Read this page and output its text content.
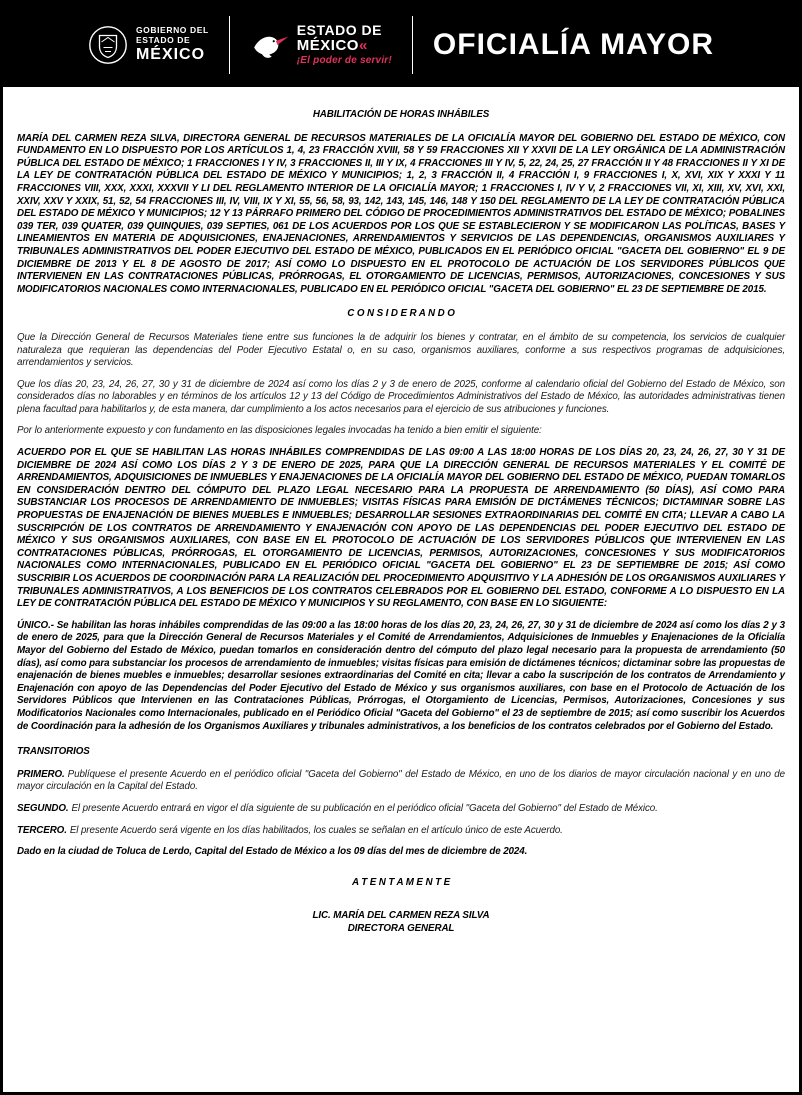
GOBIERNO DEL
ESTADO DE
MÉXICO
ESTADO DE
MÉXICO«
¡El poder de servir! OFICIALÍA MAYOR
HABILITACIÓN DE HORAS INHÁBILES

MARÍA DEL CARMEN REZA SILVA, DIRECTORA GENERAL DE RECURSOS MATERIALES DE LA OFICIALÍA MAYOR DEL GOBIERNO DEL ESTADO DE MÉXICO, CON FUNDAMENTO EN LO DISPUESTO POR LOS ARTÍCULOS 1, 4, 23 FRACCIÓN XVIII, 58 Y 59 FRACCIONES XII Y XXVII DE LA LEY ORGÁNICA DE LA ADMINISTRACIÓN PÚBLICA DEL ESTADO DE MÉXICO; 1 FRACCIONES I Y IV, 3 FRACCIONES II, III Y IX, 4 FRACCIONES III Y IV, 5, 22, 24, 25, 27 FRACCIÓN II Y 48 FRACCIONES II Y XI DE LA LEY DE CONTRATACIÓN PÚBLICA DEL ESTADO DE MÉXICO Y MUNICIPIOS; 1, 2, 3 FRACCIÓN II, 4 FRACCIÓN I, 9 FRACCIONES I, X, XVI, XIX Y XXXI Y 11 FRACCIONES VIII, XXX, XXXI, XXXVII Y LI DEL REGLAMENTO INTERIOR DE LA OFICIALÍA MAYOR; 1 FRACCIONES I, IV Y V, 2 FRACCIONES VII, XI, XIII, XV, XVI, XXI, XXIV, XXV Y XXIX, 51, 52, 54 FRACCIONES III, IV, VIII, IX Y XI, 55, 56, 58, 93, 142, 143, 145, 146, 148 Y 150 DEL REGLAMENTO DE LA LEY DE CONTRATACIÓN PÚBLICA DEL ESTADO DE MÉXICO Y MUNICIPIOS; 12 Y 13 PÁRRAFO PRIMERO DEL CÓDIGO DE PROCEDIMIENTOS ADMINISTRATIVOS DEL ESTADO DE MÉXICO; POBALINES 039 TER, 039 QUATER, 039 QUINQUIES, 039 SEPTIES, 061 DE LOS ACUERDOS POR LOS QUE SE ESTABLECIERON Y SE MODIFICARON LAS POLÍTICAS, BASES Y LINEAMIENTOS EN MATERIA DE ADQUISICIONES, ENAJENACIONES, ARRENDAMIENTOS Y SERVICIOS DE LAS DEPENDENCIAS, ORGANISMOS AUXILIARES Y TRIBUNALES ADMINISTRATIVOS DEL PODER EJECUTIVO DEL ESTADO DE MÉXICO, PUBLICADOS EN EL PERIÓDICO OFICIAL "GACETA DEL GOBIERNO" EL 9 DE DICIEMBRE DE 2013 Y EL 8 DE AGOSTO DE 2017; ASÍ COMO LO DISPUESTO EN EL PROTOCOLO DE ACTUACIÓN DE LOS SERVIDORES PÚBLICOS QUE INTERVIENEN EN LAS CONTRATACIONES PÚBLICAS, PRÓRROGAS, EL OTORGAMIENTO DE LICENCIAS, PERMISOS, AUTORIZACIONES, CONCESIONES Y SUS MODIFICATORIOS NACIONALES COMO INTERNACIONALES, PUBLICADO EN EL PERIÓDICO OFICIAL "GACETA DEL GOBIERNO" EL 23 DE SEPTIEMBRE DE 2015.

C O N S I D E R A N D O

Que la Dirección General de Recursos Materiales tiene entre sus funciones la de adquirir los bienes y contratar, en el ámbito de su competencia, los servicios de cualquier naturaleza que requieran las dependencias del Poder Ejecutivo Estatal o, en su caso, organismos auxiliares, conforme a sus respectivos programas de adquisiciones, arrendamientos y servicios.

Que los días 20, 23, 24, 26, 27, 30 y 31 de diciembre de 2024 así como los días 2 y 3 de enero de 2025, conforme al calendario oficial del Gobierno del Estado de México, son considerados días no laborables y en términos de los artículos 12 y 13 del Código de Procedimientos Administrativos del Estado de México, las autoridades administrativas tienen plena facultad para habilitarlos y, de esta manera, dar cumplimiento a los actos necesarios para el ejercicio de sus atribuciones y funciones.

Por lo anteriormente expuesto y con fundamento en las disposiciones legales invocadas ha tenido a bien emitir el siguiente:

ACUERDO POR EL QUE SE HABILITAN LAS HORAS INHÁBILES COMPRENDIDAS DE LAS 09:00 A LAS 18:00 HORAS DE LOS DÍAS 20, 23, 24, 26, 27, 30 Y 31 DE DICIEMBRE DE 2024 ASÍ COMO LOS DÍAS 2 Y 3 DE ENERO DE 2025, PARA QUE LA DIRECCIÓN GENERAL DE RECURSOS MATERIALES Y EL COMITÉ DE ARRENDAMIENTOS, ADQUISICIONES DE INMUEBLES Y ENAJENACIONES DE LA OFICIALÍA MAYOR DEL GOBIERNO DEL ESTADO DE MÉXICO, PUEDAN TOMARLOS EN CONSIDERACIÓN DENTRO DEL CÓMPUTO DEL PLAZO LEGAL NECESARIO PARA LA PROPUESTA DE ARRENDAMIENTO (50 DÍAS), ASÍ COMO PARA SUBSTANCIAR LOS PROCESOS DE ARRENDAMIENTO DE INMUEBLES; VISITAS FÍSICAS PARA EMISIÓN DE DICTÁMENES TÉCNICOS; DICTAMINAR SOBRE LAS PROPUESTAS DE ENAJENACIÓN DE BIENES MUEBLES E INMUEBLES; DESARROLLAR SESIONES EXTRAORDINARIAS DEL COMITÉ EN CITA; LLEVAR A CABO LA SUSCRIPCIÓN DE LOS CONTRATOS DE ARRENDAMIENTO Y ENAJENACIÓN CON APOYO DE LAS DEPENDENCIAS DEL PODER EJECUTIVO DEL ESTADO DE MÉXICO Y SUS ORGANISMOS AUXILIARES, CON BASE EN EL PROTOCOLO DE ACTUACIÓN DE LOS SERVIDORES PÚBLICOS QUE INTERVIENEN EN LAS CONTRATACIONES PÚBLICAS, PRÓRROGAS, EL OTORGAMIENTO DE LICENCIAS, PERMISOS, AUTORIZACIONES, CONCESIONES Y SUS MODIFICATORIOS NACIONALES COMO INTERNACIONALES, PUBLICADO EN EL PERIÓDICO OFICIAL "GACETA DEL GOBIERNO" EL 23 DE SEPTIEMBRE DE 2015; ASÍ COMO SUSCRIBIR LOS ACUERDOS DE COORDINACIÓN PARA LA REALIZACIÓN DEL PROCEDIMIENTO ADQUISITIVO Y LA ADHESIÓN DE LOS ORGANISMOS AUXILIARES Y TRIBUNALES ADMINISTRATIVOS, A LOS BENEFICIOS DE LOS CONTRATOS CELEBRADOS POR EL GOBIERNO DEL ESTADO, CONFORME A LO DISPUESTO EN LA LEY DE CONTRATACIÓN PÚBLICA DEL ESTADO DE MÉXICO Y MUNICIPIOS Y SU REGLAMENTO, CON BASE EN LO SIGUIENTE:

ÚNICO.- Se habilitan las horas inhábiles comprendidas de las 09:00 a las 18:00 horas de los días 20, 23, 24, 26, 27, 30 y 31 de diciembre de 2024 así como los días 2 y 3 de enero de 2025, para que la Dirección General de Recursos Materiales y el Comité de Arrendamientos, Adquisiciones de Inmuebles y Enajenaciones de la Oficialía Mayor del Gobierno del Estado de México, puedan tomarlos en consideración dentro del cómputo del plazo legal necesario para la propuesta de arrendamiento (50 días), así como para substanciar los procesos de arrendamiento de inmuebles; visitas físicas para emisión de dictámenes técnicos; dictaminar sobre las propuestas de enajenación de bienes muebles e inmuebles; desarrollar sesiones extraordinarias del Comité en cita; llevar a cabo la suscripción de los contratos de Arrendamiento y Enajenación con apoyo de las Dependencias del Poder Ejecutivo del Estado de México y sus organismos auxiliares, con base en el Protocolo de Actuación de los Servidores Públicos que Intervienen en las Contrataciones Públicas, Prórrogas, el Otorgamiento de Licencias, Permisos, Autorizaciones, Concesiones y sus Modificatorios Nacionales como Internacionales, publicado en el Periódico Oficial "Gaceta del Gobierno" el 23 de septiembre de 2015; así como suscribir los Acuerdos de Coordinación para la adhesión de los Organismos Auxiliares y tribunales administrativos, a los beneficios de los contratos celebrados por el Gobierno del Estado.

TRANSITORIOS

PRIMERO. Publíquese el presente Acuerdo en el periódico oficial "Gaceta del Gobierno" del Estado de México, en uno de los diarios de mayor circulación nacional y en uno de mayor circulación en la Capital del Estado.

SEGUNDO. El presente Acuerdo entrará en vigor el día siguiente de su publicación en el periódico oficial "Gaceta del Gobierno" del Estado de México.

TERCERO. El presente Acuerdo será vigente en los días habilitados, los cuales se señalan en el artículo único de este Acuerdo.

Dado en la ciudad de Toluca de Lerdo, Capital del Estado de México a los 09 días del mes de diciembre de 2024.

A T E N T A M E N T E
LIC. MARÍA DEL CARMEN REZA SILVA
DIRECTORA GENERAL
